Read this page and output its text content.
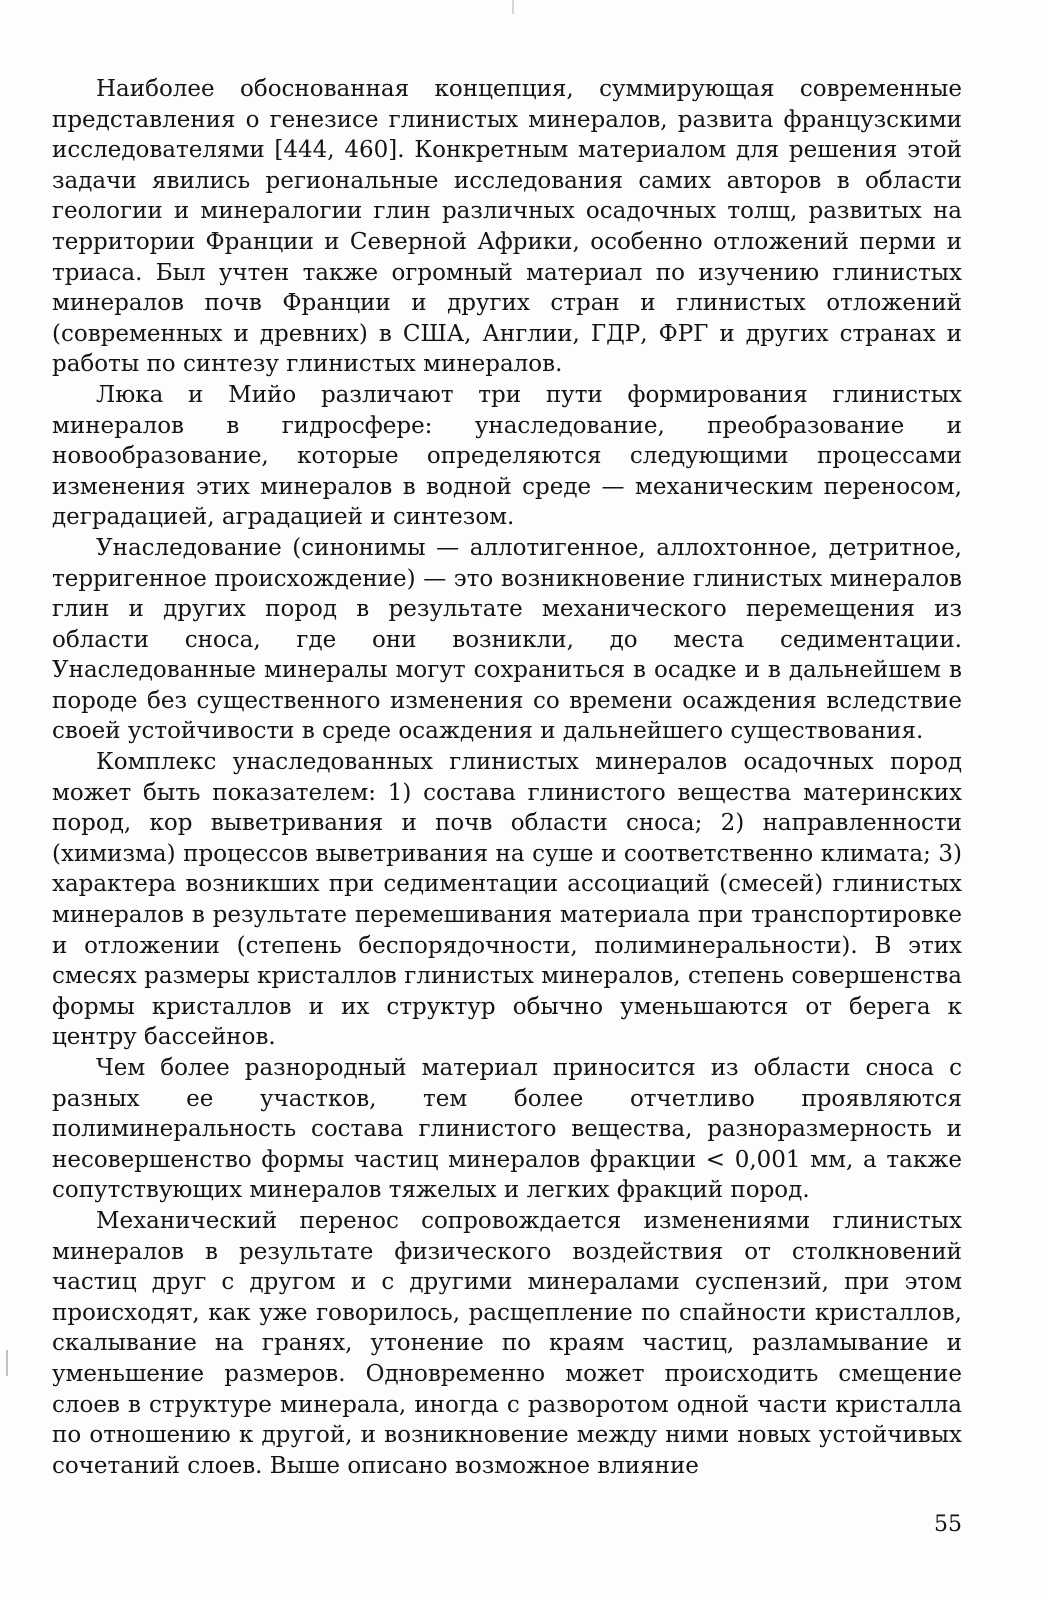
Наиболее обоснованная концепция, суммирующая современные представления о генезисе глинистых минералов, развита французскими исследователями [444, 460]. Конкретным материалом для решения этой задачи явились региональные исследования самих авторов в области геологии и минералогии глин различных осадочных толщ, развитых на территории Франции и Северной Африки, особенно отложений перми и триаса. Был учтен также огромный материал по изучению глинистых минералов почв Франции и других стран и глинистых отложений (современных и древних) в США, Англии, ГДР, ФРГ и других странах и работы по синтезу глинистых минералов.

Люка и Мийо различают три пути формирования глинистых минералов в гидросфере: унаследование, преобразование и новообразование, которые определяются следующими процессами изменения этих минералов в водной среде — механическим переносом, деградацией, аградацией и синтезом.

Унаследование (синонимы — аллотигенное, аллохтонное, детритное, терригенное происхождение) — это возникновение глинистых минералов глин и других пород в результате механического перемещения из области сноса, где они возникли, до места седиментации. Унаследованные минералы могут сохраниться в осадке и в дальнейшем в породе без существенного изменения со времени осаждения вследствие своей устойчивости в среде осаждения и дальнейшего существования.

Комплекс унаследованных глинистых минералов осадочных пород может быть показателем: 1) состава глинистого вещества материнских пород, кор выветривания и почв области сноса; 2) направленности (химизма) процессов выветривания на суше и соответственно климата; 3) характера возникших при седиментации ассоциаций (смесей) глинистых минералов в результате перемешивания материала при транспортировке и отложении (степень беспорядочности, полиминеральности). В этих смесях размеры кристаллов глинистых минералов, степень совершенства формы кристаллов и их структур обычно уменьшаются от берега к центру бассейнов.

Чем более разнородный материал приносится из области сноса с разных ее участков, тем более отчетливо проявляются полиминеральность состава глинистого вещества, разноразмерность и несовершенство формы частиц минералов фракции < 0,001 мм, а также сопутствующих минералов тяжелых и легких фракций пород.

Механический перенос сопровождается изменениями глинистых минералов в результате физического воздействия от столкновений частиц друг с другом и с другими минералами суспензий, при этом происходят, как уже говорилось, расщепление по спайности кристаллов, скалывание на гранях, утонение по краям частиц, разламывание и уменьшение размеров. Одновременно может происходить смещение слоев в структуре минерала, иногда с разворотом одной части кристалла по отношению к другой, и возникновение между ними новых устойчивых сочетаний слоев. Выше описано возможное влияние

55
